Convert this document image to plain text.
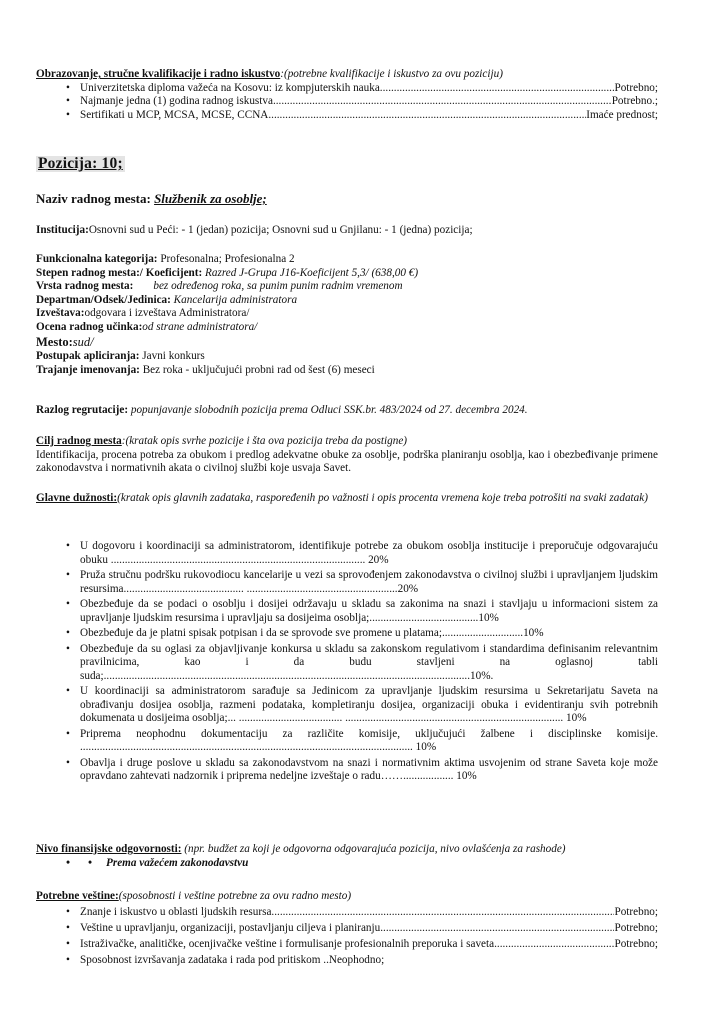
Obrazovanje, stručne kvalifikacije i radno iskustvo:(potrebne kvalifikacije i iskustvo za ovu poziciju)
• Univerzitetska diploma važeća na Kosovu: iz kompjuterskih nauka .....	Potrebno;
• Najmanje jedna (1) godina radnog iskustva .....	Potrebno.;
• Sertifikati u MCP, MCSA, MCSE, CCNA .....	Imaće prednost;
Pozicija: 10;
Naziv radnog mesta: Službenik za osoblje;
Institucija:Osnovni sud u Peći: - 1 (jedan) pozicija; Osnovni sud u Gnjilanu: - 1 (jedna) pozicija;
Funkcionalna kategorija: Profesonalna; Profesionalna 2
Stepen radnog mesta:/ Koeficijent: Razred J-Grupa J16-Koeficijent 5,3/ (638,00 €)
Vrsta radnog mesta: bez određenog roka, sa punim punim radnim vremenom
Departman/Odsek/Jedinica: Kancelarija administratora
Izveštava:odgovara i izveštava Administratora/
Ocena radnog učinka:od strane administratora/
Mesto:sud/
Postupak apliciranja: Javni konkurs
Trajanje imenovanja: Bez roka - uključujući probni rad od šest (6) meseci
Razlog regrutacije: popunjavanje slobodnih pozicija prema Odluci SSK.br. 483/2024 od 27. decembra 2024.
Cilj radnog mesta:(kratak opis svrhe pozicije i šta ova pozicija treba da postigne)
Identifikacija, procena potreba za obukom i predlog adekvatne obuke za osoblje, podrška planiranju osoblja, kao i obezbeđivanje primene zakonodavstva i normativnih akata o civilnoj službi koje usvaja Savet.
Glavne dužnosti:(kratak opis glavnih zadataka, raspoređenih po važnosti i opis procenta vremena koje treba potrošiti na svaki zadatak)
• U dogovoru i koordinaciji sa administratorom, identifikuje potrebe za obukom osoblja institucije i preporučuje odgovarajuću obuku ........................................................................................... 20%
• Pruža stručnu podršku rukovodiocu kancelarije u vezi sa sprovođenjem zakonodavstva o civilnoj službi i upravljanjem ljudskim resursima........................................... ......................................................20%
• Obezbeđuje da se podaci o osoblju i dosijei održavaju u skladu sa zakonima na snazi i stavljaju u informacioni sistem za upravljanje ljudskim resursima i upravljaju sa dosijeima osoblja;.......................................10%
• Obezbeđuje da je platni spisak potpisan i da se sprovode sve promene u platama;.............................10%
• Obezbeđuje da su oglasi za objavljivanje konkursa u skladu sa zakonskom regulativom i standardima definisanim relevantnim pravilnicima, kao i da budu stavljeni na oglasnoj tabli suda;...................................................................................................................................10%.
• U koordinaciji sa administratorom sarađuje sa Jedinicom za upravljanje ljudskim resursima u Sekretarijatu Saveta na obrađivanju dosijea osoblja, razmeni podataka, kompletiranju dosijea, organizaciji obuka i evidentiranju svih potrebnih dokumenata u dosijeima osoblja;... ..................................... .............................................................................. 10%
• Priprema neophodnu dokumentaciju za različite komisije, uključujući žalbene i disciplinske komisije. ....................................................................................................................... 10%
• Obavlja i druge poslove u skladu sa zakonodavstvom na snazi i normativnim aktima usvojenim od strane Saveta koje može opravdano zahtevati nadzornik i priprema nedeljne izveštaje o radu…….................. 10%
Nivo finansijske odgovornosti: (npr. budžet za koji je odgovorna odgovarajuća pozicija, nivo ovlašćenja za rashode)
• • Prema važećem zakonodavstvu
Potrebne veštine:(sposobnosti i veštine potrebne za ovu radno mesto)
• Znanje i iskustvo u oblasti ljudskih resursa .....	Potrebno;
• Veštine u upravljanju, organizaciji, postavljanju ciljeva i planiranju .....	Potrebno;
• Istraživačke, analitičke, ocenjivačke veštine i formulisanje profesionalnih preporuka i saveta .....	Potrebno;
• Sposobnost izvršavanja zadataka i rada pod pritiskom ..Neophodno;
